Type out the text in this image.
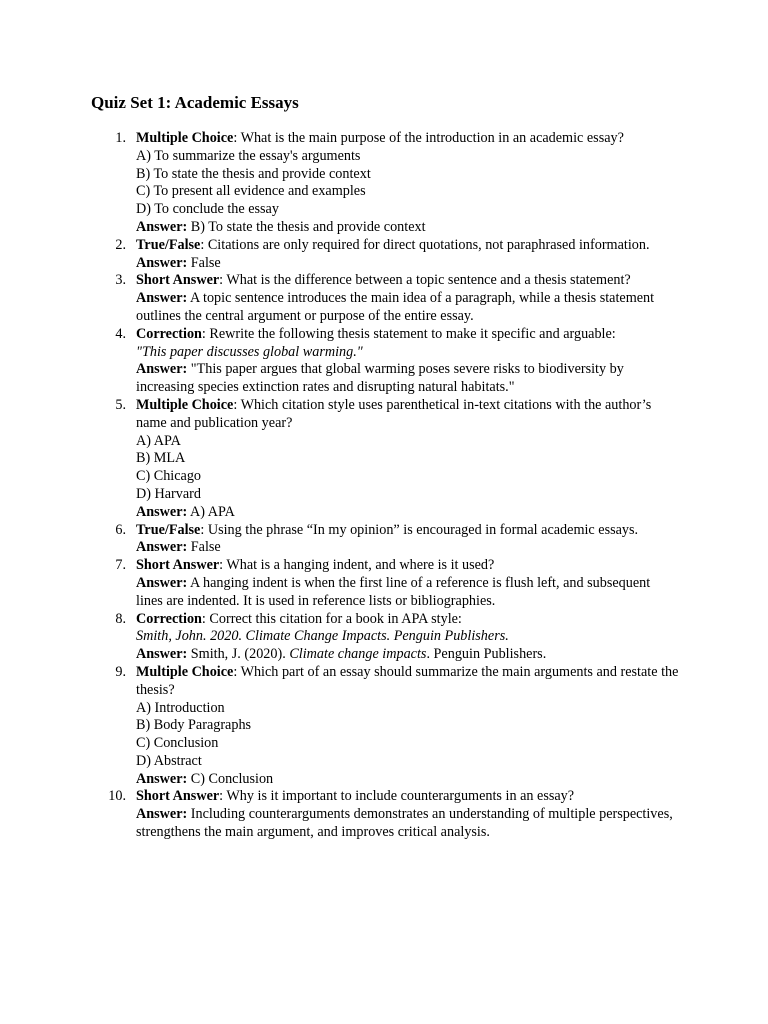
Quiz Set 1: Academic Essays
1. Multiple Choice: What is the main purpose of the introduction in an academic essay?
A) To summarize the essay's arguments
B) To state the thesis and provide context
C) To present all evidence and examples
D) To conclude the essay
Answer: B) To state the thesis and provide context
2. True/False: Citations are only required for direct quotations, not paraphrased information.
Answer: False
3. Short Answer: What is the difference between a topic sentence and a thesis statement?
Answer: A topic sentence introduces the main idea of a paragraph, while a thesis statement outlines the central argument or purpose of the entire essay.
4. Correction: Rewrite the following thesis statement to make it specific and arguable:
"This paper discusses global warming."
Answer: "This paper argues that global warming poses severe risks to biodiversity by increasing species extinction rates and disrupting natural habitats."
5. Multiple Choice: Which citation style uses parenthetical in-text citations with the author’s name and publication year?
A) APA
B) MLA
C) Chicago
D) Harvard
Answer: A) APA
6. True/False: Using the phrase “In my opinion” is encouraged in formal academic essays.
Answer: False
7. Short Answer: What is a hanging indent, and where is it used?
Answer: A hanging indent is when the first line of a reference is flush left, and subsequent lines are indented. It is used in reference lists or bibliographies.
8. Correction: Correct this citation for a book in APA style:
Smith, John. 2020. Climate Change Impacts. Penguin Publishers.
Answer: Smith, J. (2020). Climate change impacts. Penguin Publishers.
9. Multiple Choice: Which part of an essay should summarize the main arguments and restate the thesis?
A) Introduction
B) Body Paragraphs
C) Conclusion
D) Abstract
Answer: C) Conclusion
10. Short Answer: Why is it important to include counterarguments in an essay?
Answer: Including counterarguments demonstrates an understanding of multiple perspectives, strengthens the main argument, and improves critical analysis.
